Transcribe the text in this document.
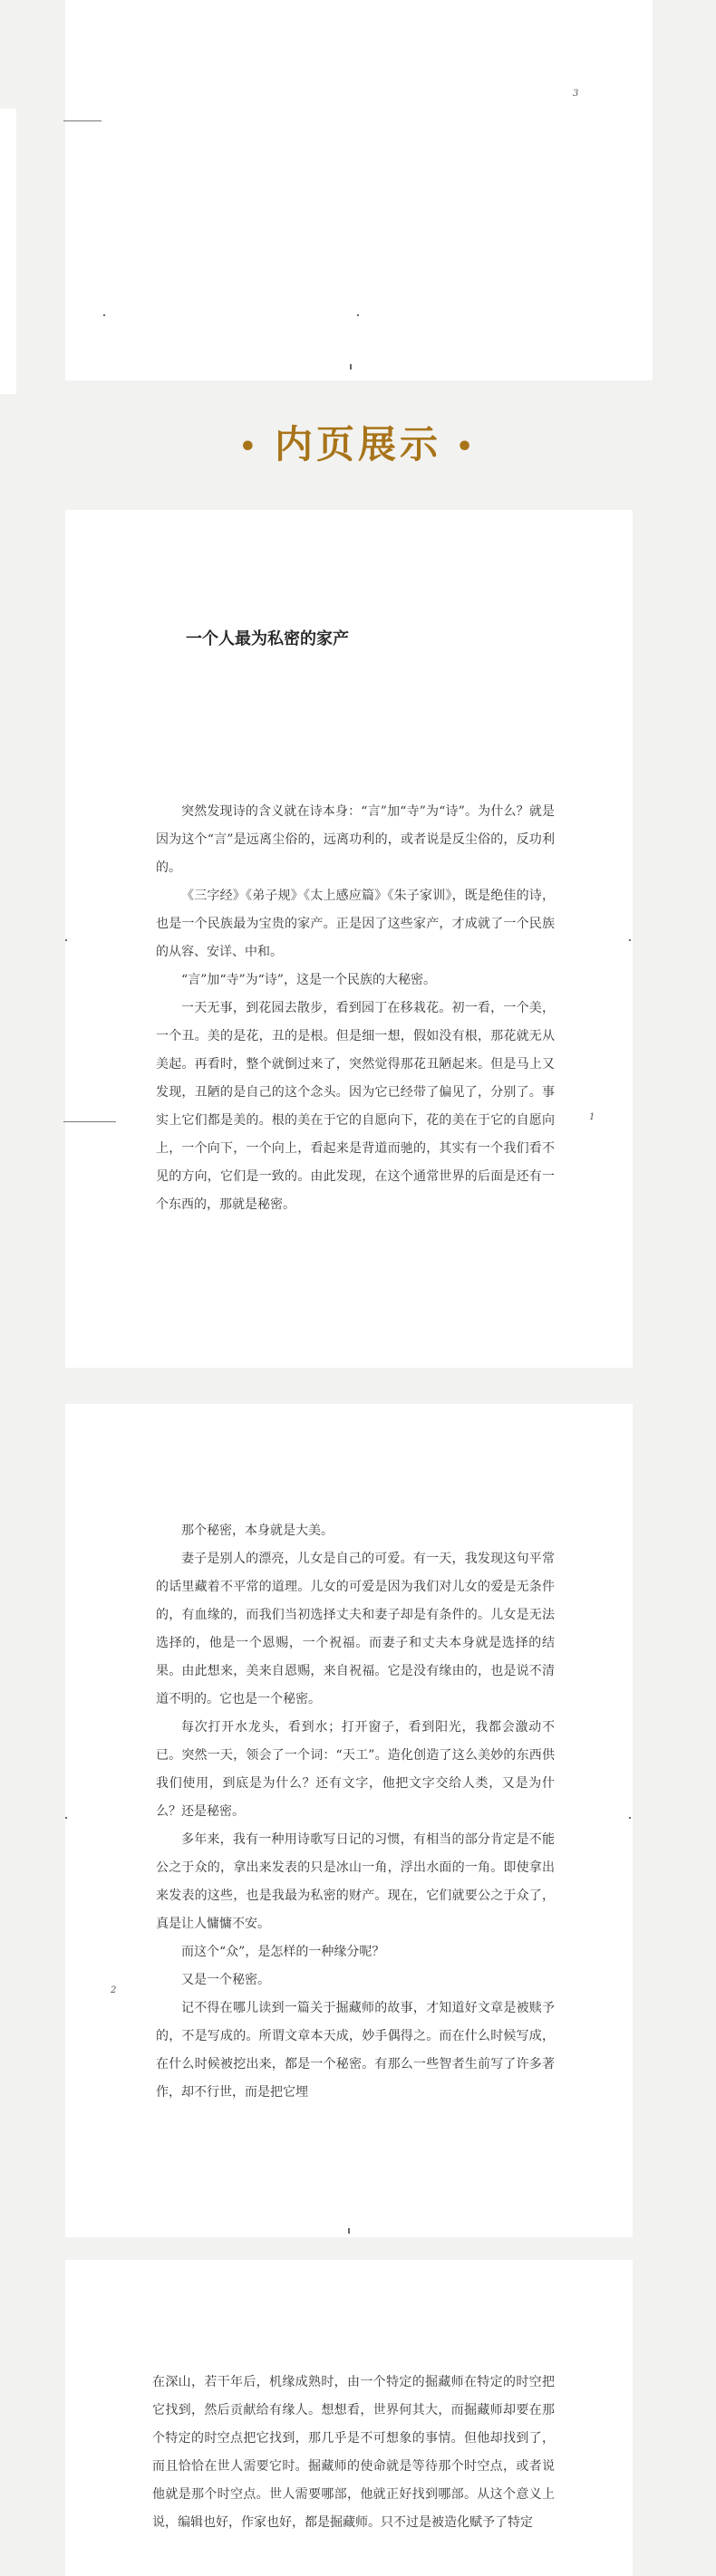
3
• 内页展示 •
一个人最为私密的家产

突然发现诗的含义就在诗本身：“言”加“寺”为“诗”。为什么？就是因为这个“言”是远离尘俗的，远离功利的，或者说是反尘俗的，反功利的。

《三字经》《弟子规》《太上感应篇》《朱子家训》，既是绝佳的诗，也是一个民族最为宝贵的家产。正是因了这些家产，才成就了一个民族的从容、安详、中和。

“言”加“寺”为“诗”，这是一个民族的大秘密。

一天无事，到花园去散步，看到园丁在移栽花。初一看，一个美，一个丑。美的是花，丑的是根。但是细一想，假如没有根，那花就无从美起。再看时，整个就倒过来了，突然觉得那花丑陋起来。但是马上又发现，丑陋的是自己的这个念头。因为它已经带了偏见了，分别了。事实上它们都是美的。根的美在于它的自愿向下，花的美在于它的自愿向上，一个向下，一个向上，看起来是背道而驰的，其实有一个我们看不见的方向，它们是一致的。由此发现，在这个通常世界的后面是还有一个东西的，那就是秘密。

1

那个秘密，本身就是大美。

妻子是别人的漂亮，儿女是自己的可爱。有一天，我发现这句平常的话里藏着不平常的道理。儿女的可爱是因为我们对儿女的爱是无条件的，有血缘的，而我们当初选择丈夫和妻子却是有条件的。儿女是无法选择的，他是一个恩赐，一个祝福。而妻子和丈夫本身就是选择的结果。由此想来，美来自恩赐，来自祝福。它是没有缘由的，也是说不清道不明的。它也是一个秘密。

每次打开水龙头，看到水；打开窗子，看到阳光，我都会激动不已。突然一天，领会了一个词：“天工”。造化创造了这么美妙的东西供我们使用，到底是为什么？还有文字，他把文字交给人类，又是为什么？还是秘密。

多年来，我有一种用诗歌写日记的习惯，有相当的部分肯定是不能公之于众的，拿出来发表的只是冰山一角，浮出水面的一角。即使拿出来发表的这些，也是我最为私密的财产。现在，它们就要公之于众了，真是让人慵慵不安。

而这个“众”，是怎样的一种缘分呢？

又是一个秘密。

记不得在哪儿读到一篇关于掘藏师的故事，才知道好文章是被赎予的，不是写成的。所谓文章本天成，妙手偶得之。而在什么时候写成，在什么时候被挖出来，都是一个秘密。有那么一些智者生前写了许多著作，却不行世，而是把它埋

2

在深山，若干年后，机缘成熟时，由一个特定的掘藏师在特定的时空把它找到，然后贡献给有缘人。想想看，世界何其大，而掘藏师却要在那个特定的时空点把它找到，那几乎是不可想象的事情。但他却找到了，而且恰恰在世人需要它时。掘藏师的使命就是等待那个时空点，或者说他就是那个时空点。世人需要哪部，他就正好找到哪部。从这个意义上说，编辑也好，作家也好，都是掘藏师。只不过是被造化赋予了特定
